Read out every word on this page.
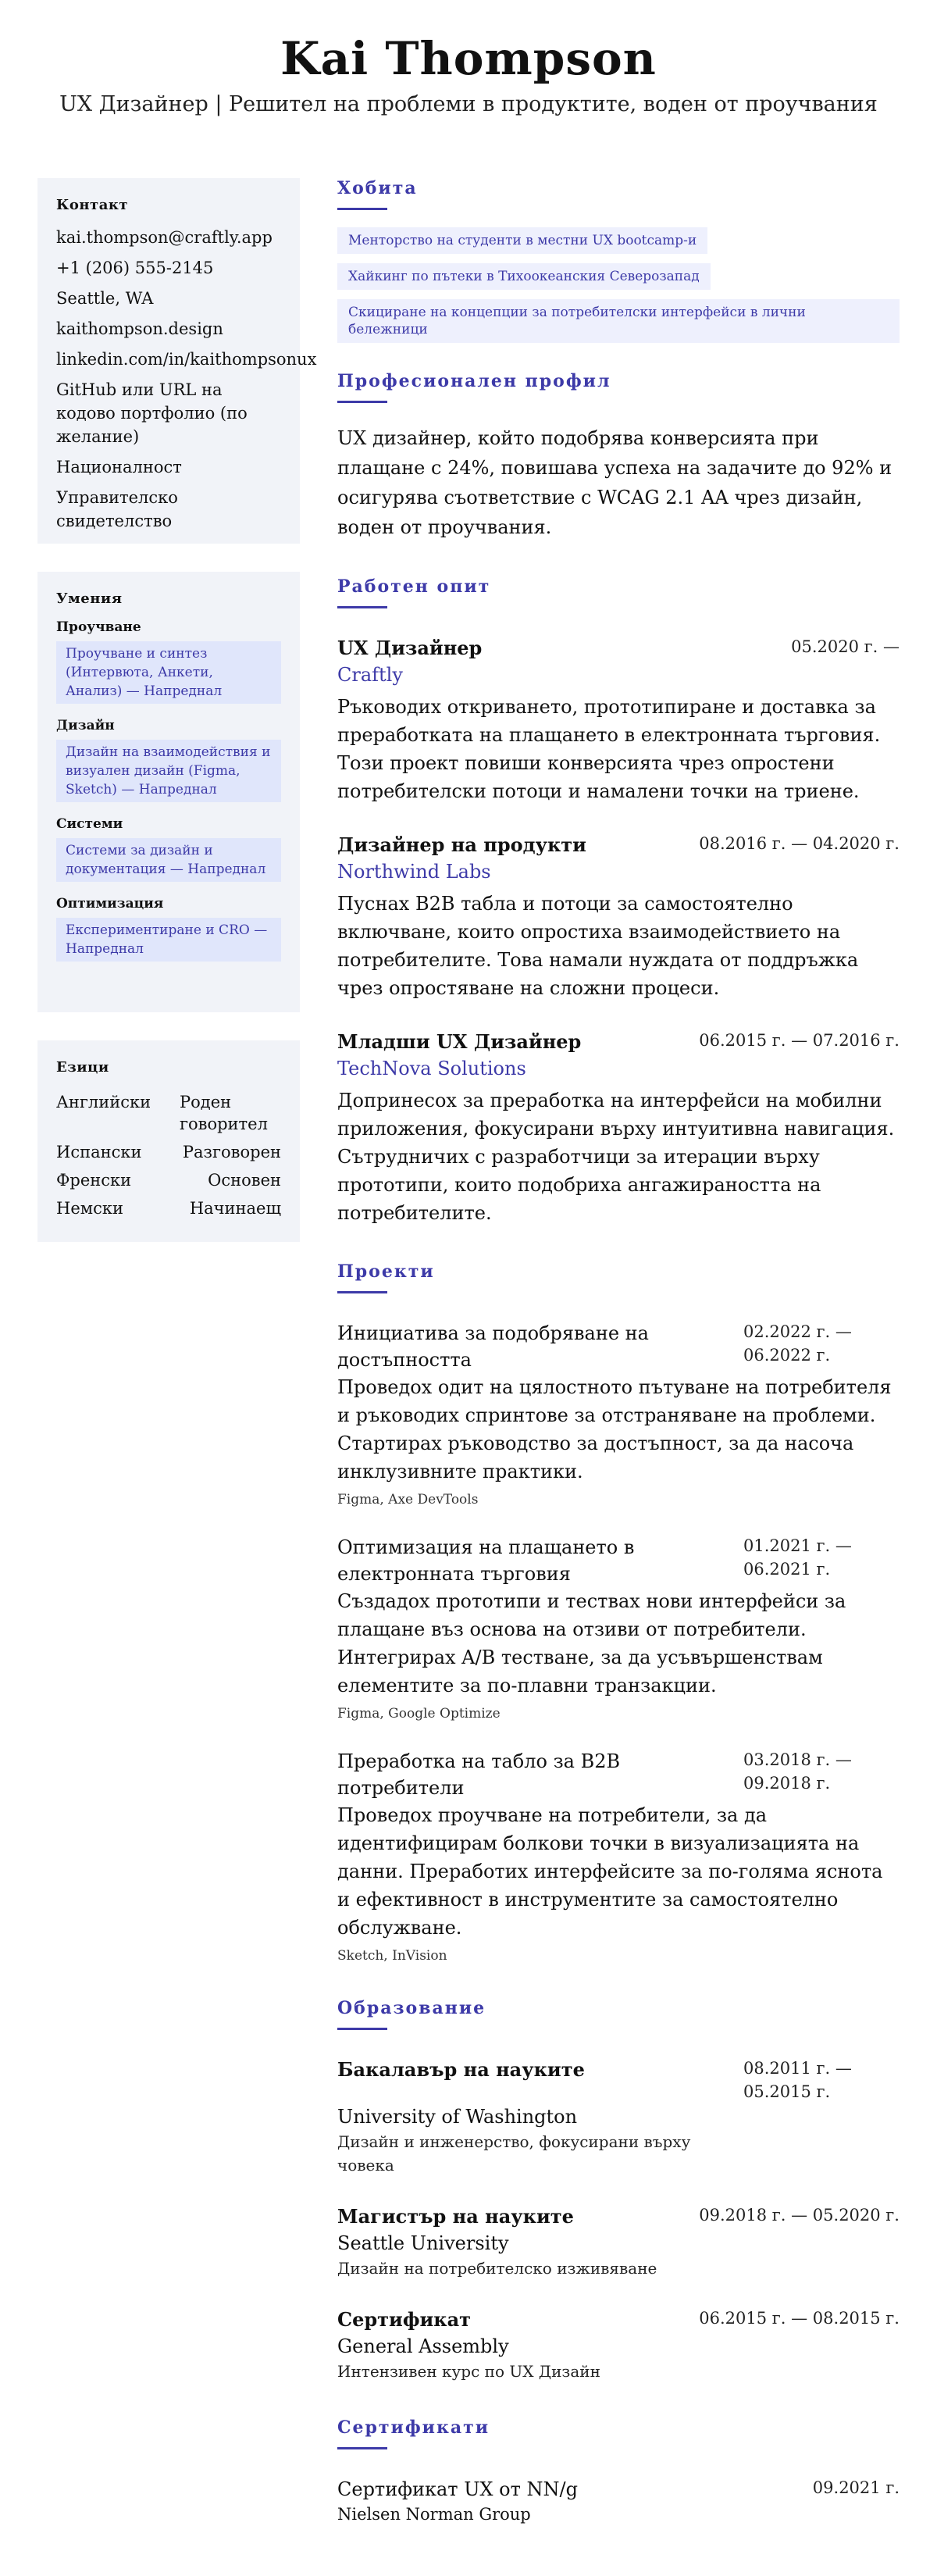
Kai Thompson
UX Дизайнер | Решител на проблеми в продуктите, воден от проучвания
Контакт
kai.thompson@craftly.app
+1 (206) 555-2145
Seattle, WA
kaithompson.design
linkedin.com/in/kaithompsonux
GitHub или URL на кодово портфолио (по желание)
Националност
Управителско свидетелство
Умения
Проучване
Проучване и синтез (Интервюта, Анкети, Анализ) — Напреднал
Дизайн
Дизайн на взаимодействия и визуален дизайн (Figma, Sketch) — Напреднал
Системи
Системи за дизайн и документация — Напреднал
Оптимизация
Експериментиране и CRO — Напреднал
Езици
Английски	Роден говорител
Испански	Разговорен
Френски	Основен
Немски	Начинаещ
Хобита
Менторство на студенти в местни UX bootcamp-и
Хайкинг по пътеки в Тихоокеанския Северозапад
Скициране на концепции за потребителски интерфейси в лични бележници
Професионален профил
UX дизайнер, който подобрява конверсията при плащане с 24%, повишава успеха на задачите до 92% и осигурява съответствие с WCAG 2.1 AA чрез дизайн, воден от проучвания.
Работен опит
UX Дизайнер	05.2020 г. —
Craftly
Ръководих откриването, прототипиране и доставка за преработката на плащането в електронната търговия. Този проект повиши конверсията чрез опростени потребителски потоци и намалени точки на триене.
Дизайнер на продукти	08.2016 г. — 04.2020 г.
Northwind Labs
Пуснах B2B табла и потоци за самостоятелно включване, които опростиха взаимодействието на потребителите. Това намали нуждата от поддръжка чрез опростяване на сложни процеси.
Младши UX Дизайнер	06.2015 г. — 07.2016 г.
TechNova Solutions
Допринесох за преработка на интерфейси на мобилни приложения, фокусирани върху интуитивна навигация. Сътрудничих с разработчици за итерации върху прототипи, които подобриха ангажираността на потребителите.
Проекти
Инициатива за подобряване на достъпността
02.2022 г. — 06.2022 г.
Проведох одит на цялостното пътуване на потребителя и ръководих спринтове за отстраняване на проблеми. Стартирах ръководство за достъпност, за да насоча инклузивните практики.
Figma, Axe DevTools
Оптимизация на плащането в електронната търговия
01.2021 г. — 06.2021 г.
Създадох прототипи и тествах нови интерфейси за плащане въз основа на отзиви от потребители. Интегрирах A/B тестване, за да усъвършенствам елементите за по-плавни транзакции.
Figma, Google Optimize
Преработка на табло за B2B потребители
03.2018 г. — 09.2018 г.
Проведох проучване на потребители, за да идентифицирам болкови точки в визуализацията на данни. Преработих интерфейсите за по-голяма яснота и ефективност в инструментите за самостоятелно обслужване.
Sketch, InVision
Образование
Бакалавър на науките	08.2011 г. — 05.2015 г.
University of Washington
Дизайн и инженерство, фокусирани върху човека
Магистър на науките	09.2018 г. — 05.2020 г.
Seattle University
Дизайн на потребителско изживяване
Сертификат	06.2015 г. — 08.2015 г.
General Assembly
Интензивен курс по UX Дизайн
Сертификати
Сертификат UX от NN/g	09.2021 г.
Nielsen Norman Group
